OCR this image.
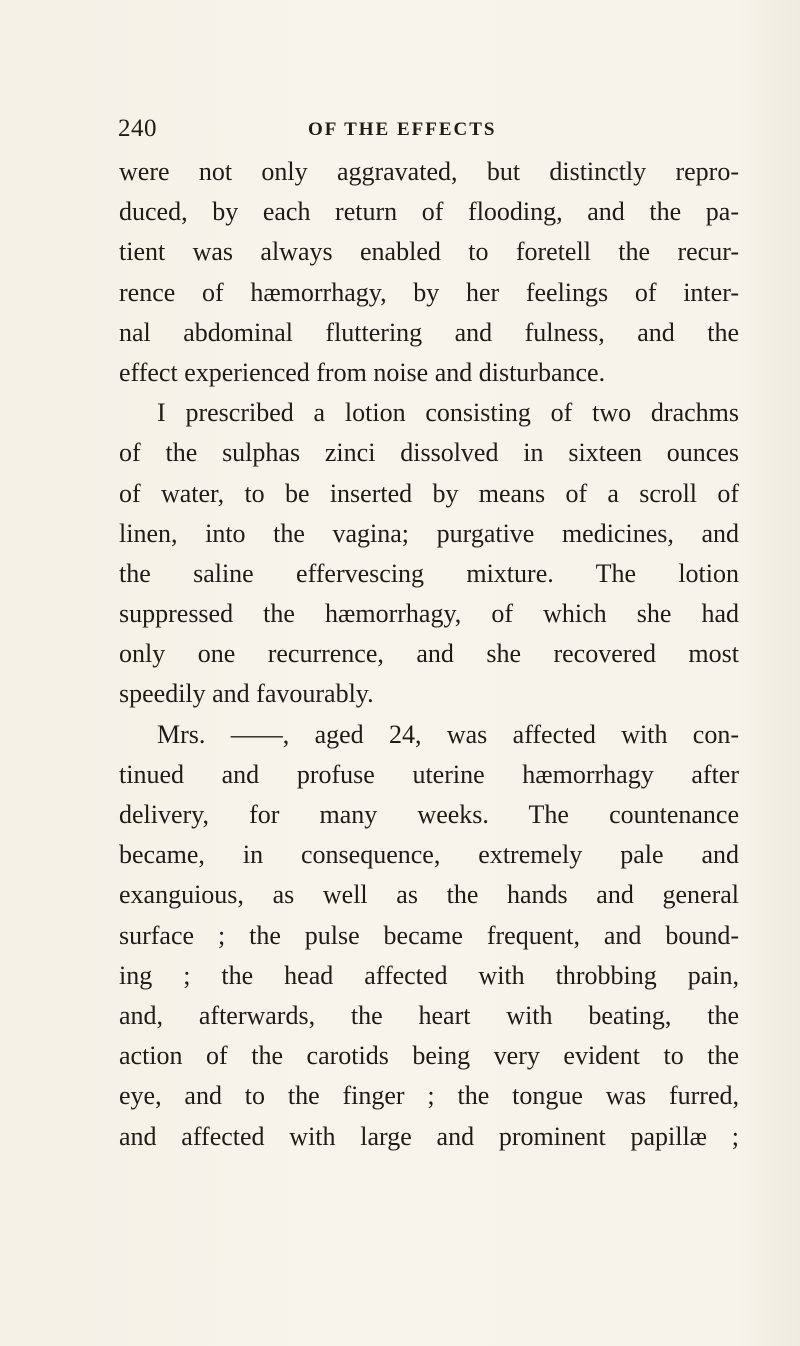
240	OF THE EFFECTS
were not only aggravated, but distinctly repro-
duced, by each return of flooding, and the pa-
tient was always enabled to foretell the recur-
rence of hæmorrhagy, by her feelings of inter-
nal abdominal fluttering and fulness, and the
effect experienced from noise and disturbance.
I prescribed a lotion consisting of two drachms
of the sulphas zinci dissolved in sixteen ounces
of water, to be inserted by means of a scroll of
linen, into the vagina; purgative medicines, and
the saline effervescing mixture. The lotion
suppressed the hæmorrhagy, of which she had
only one recurrence, and she recovered most
speedily and favourably.
Mrs. ——, aged 24, was affected with con-
tinued and profuse uterine hæmorrhagy after
delivery, for many weeks. The countenance
became, in consequence, extremely pale and
exanguious, as well as the hands and general
surface ; the pulse became frequent, and bound-
ing ; the head affected with throbbing pain,
and, afterwards, the heart with beating, the
action of the carotids being very evident to the
eye, and to the finger ; the tongue was furred,
and affected with large and prominent papillæ ;
